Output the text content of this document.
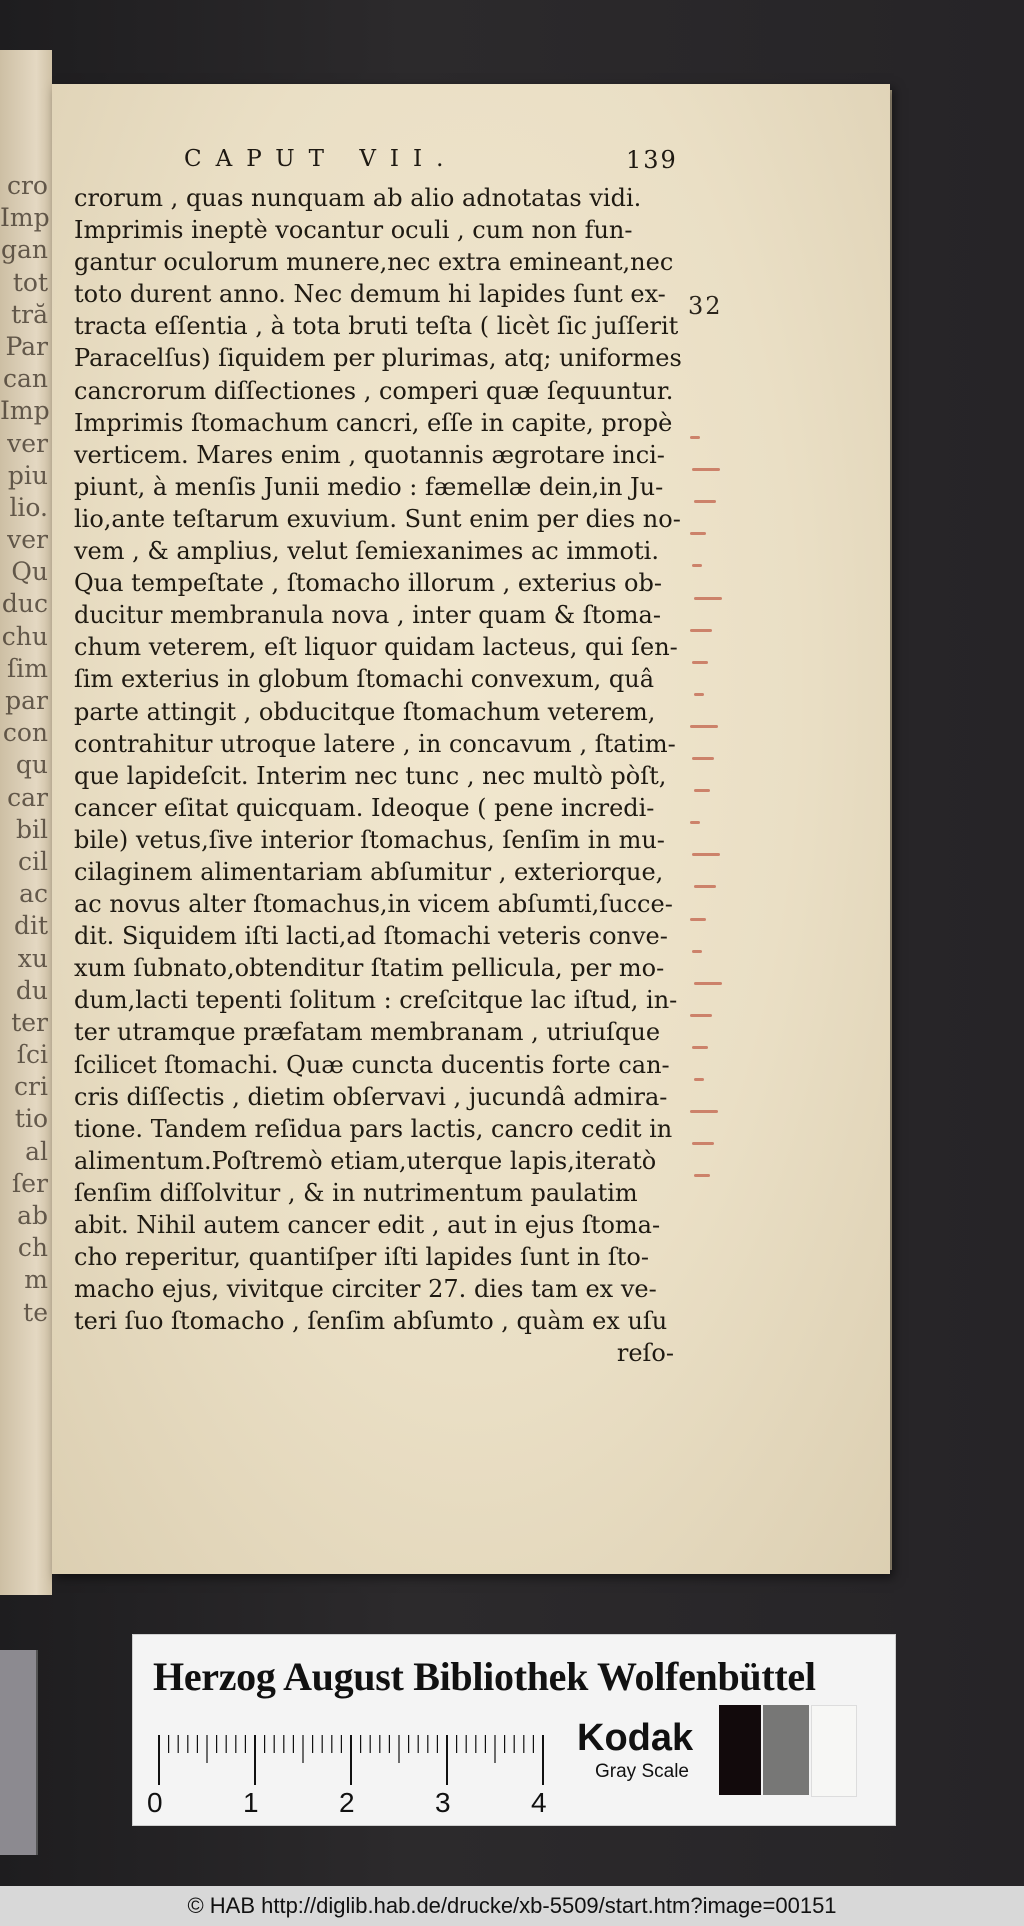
cro
Imp
gan
tot
tră
Par
can
Imp
ver
piu
lio.
ver
Qu
duc
chu
ſim
par
con
qu
car
bil
cil
ac
dit
xu
du
ter
ſci
cri
tio
al
ſer
ab
ch
m
te
CAPUT VII.	139
32
crorum , quas nunquam ab alio adnotatas vidi.
Imprimis ineptè vocantur oculi , cum non fun-
gantur oculorum munere,nec extra emineant,nec
toto durent anno. Nec demum hi lapides ſunt ex-
tracta eſſentia , à tota bruti teſta ( licèt ſic juſſerit
Paracelſus) ſiquidem per plurimas, atq; uniformes
cancrorum diſſectiones , comperi quæ ſequuntur.
Imprimis ſtomachum cancri, eſſe in capite, propè
verticem. Mares enim , quotannis ægrotare inci-
piunt, à menſis Junii medio : fæmellæ dein,in Ju-
lio,ante teſtarum exuvium. Sunt enim per dies no-
vem , & amplius, velut ſemiexanimes ac immoti.
Qua tempeſtate , ſtomacho illorum , exterius ob-
ducitur membranula nova , inter quam & ſtoma-
chum veterem, eſt liquor quidam lacteus, qui ſen-
ſim exterius in globum ſtomachi convexum, quâ
parte attingit , obducitque ſtomachum veterem,
contrahitur utroque latere , in concavum , ſtatim-
que lapideſcit. Interim nec tunc , nec multò pòſt,
cancer eſitat quicquam. Ideoque ( pene incredi-
bile) vetus,ſive interior ſtomachus, ſenſim in mu-
cilaginem alimentariam abſumitur , exteriorque,
ac novus alter ſtomachus,in vicem abſumti,ſucce-
dit. Siquidem iſti lacti,ad ſtomachi veteris conve-
xum ſubnato,obtenditur ſtatim pellicula, per mo-
dum,lacti tepenti ſolitum : creſcitque lac iſtud, in-
ter utramque præfatam membranam , utriuſque
ſcilicet ſtomachi. Quæ cuncta ducentis forte can-
cris diſſectis , dietim obſervavi , jucundâ admira-
tione. Tandem reſidua pars lactis, cancro cedit in
alimentum.Poſtremò etiam,uterque lapis,iteratò
ſenſim diſſolvitur , & in nutrimentum paulatim
abit. Nihil autem cancer edit , aut in ejus ſtoma-
cho reperitur, quantiſper iſti lapides ſunt in ſto-
macho ejus, vivitque circiter 27. dies tam ex ve-
teri ſuo ſtomacho , ſenſim abſumto , quàm ex uſu
reſo-
Herzog August Bibliothek Wolfenbüttel
0	1	2	3	4
Kodak
Gray Scale
© HAB http://diglib.hab.de/drucke/xb-5509/start.htm?image=00151
